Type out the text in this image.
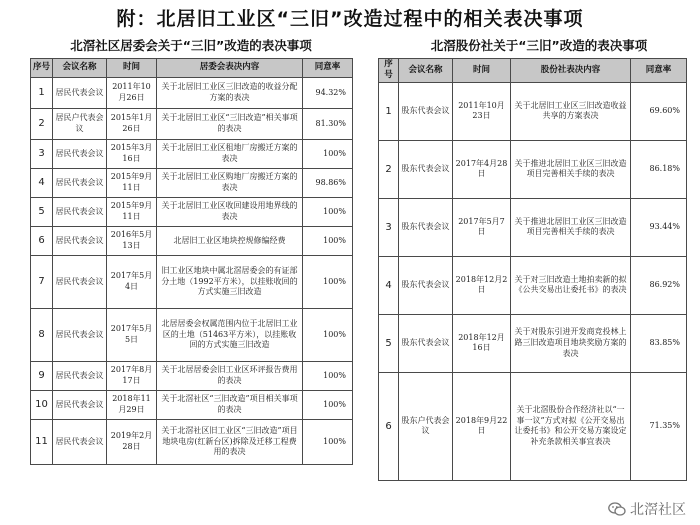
附：北居旧工业区“三旧”改造过程中的相关表决事项
北滘社区居委会关于“三旧”改造的表决事项	北滘股份社关于“三旧”改造的表决事项
序号	会议名称	时间	居委会表决内容	同意率
1	居民代表会议	2011年10月26日	关于北居旧工业区三旧改造的收益分配方案的表决	94.32%
2	居民户代表会议	2015年1月26日	关于北居旧工业区“三旧改造”相关事项的表决	81.30%
3	居民代表会议	2015年3月16日	关于北居旧工业区租地厂房搬迁方案的表决	100%
4	居民代表会议	2015年9月11日	关于北居旧工业区购地厂房搬迁方案的表决	98.86%
5	居民代表会议	2015年9月11日	关于北居旧工业区收回建设用地界线的表决	100%
6	居民代表会议	2016年5月13日	北居旧工业区地块控规修编经费	100%
7	居民代表会议	2017年5月4日	旧工业区地块中属北滘居委会的有证部分土地（1992平方米），以挂账收回的方式实施三旧改造	100%
8	居民代表会议	2017年5月5日	北居居委会权属范围内位于北居旧工业区的土地（51463平方米），以挂账收回的方式实施三旧改造	100%
9	居民代表会议	2017年8月17日	关于北居居委会旧工业区环评报告费用的表决	100%
10	居民代表会议	2018年11月29日	关于北滘社区“三旧改造”项目相关事项的表决	100%
11	居民代表会议	2019年2月28日	关于北滘社区旧工业区“三旧改造”项目地块电房(红新台区)拆除及迁移工程费用的表决	100%
序号	会议名称	时间	股份社表决内容	同意率
1	股东代表会议	2011年10月23日	关于北居旧工业区三旧改造收益共享的方案表决	69.60%
2	股东代表会议	2017年4月28日	关于推进北居旧工业区三旧改造项目完善相关手续的表决	86.18%
3	股东代表会议	2017年5月7日	关于推进北居旧工业区三旧改造项目完善相关手续的表决	93.44%
4	股东代表会议	2018年12月2日	关于对三旧改造土地拍卖新的拟《公共交易出让委托书》的表决	86.92%
5	股东代表会议	2018年12月16日	关于对股东引进开发商竞投林上路三旧改造项目地块奖励方案的表决	83.85%
6	股东户代表会议	2018年9月22日	关于北滘股份合作经济社以“一事一议”方式对拟《公开交易出让委托书》和公开交易方案设定补充条款相关事宜表决	71.35%
北滘社区
